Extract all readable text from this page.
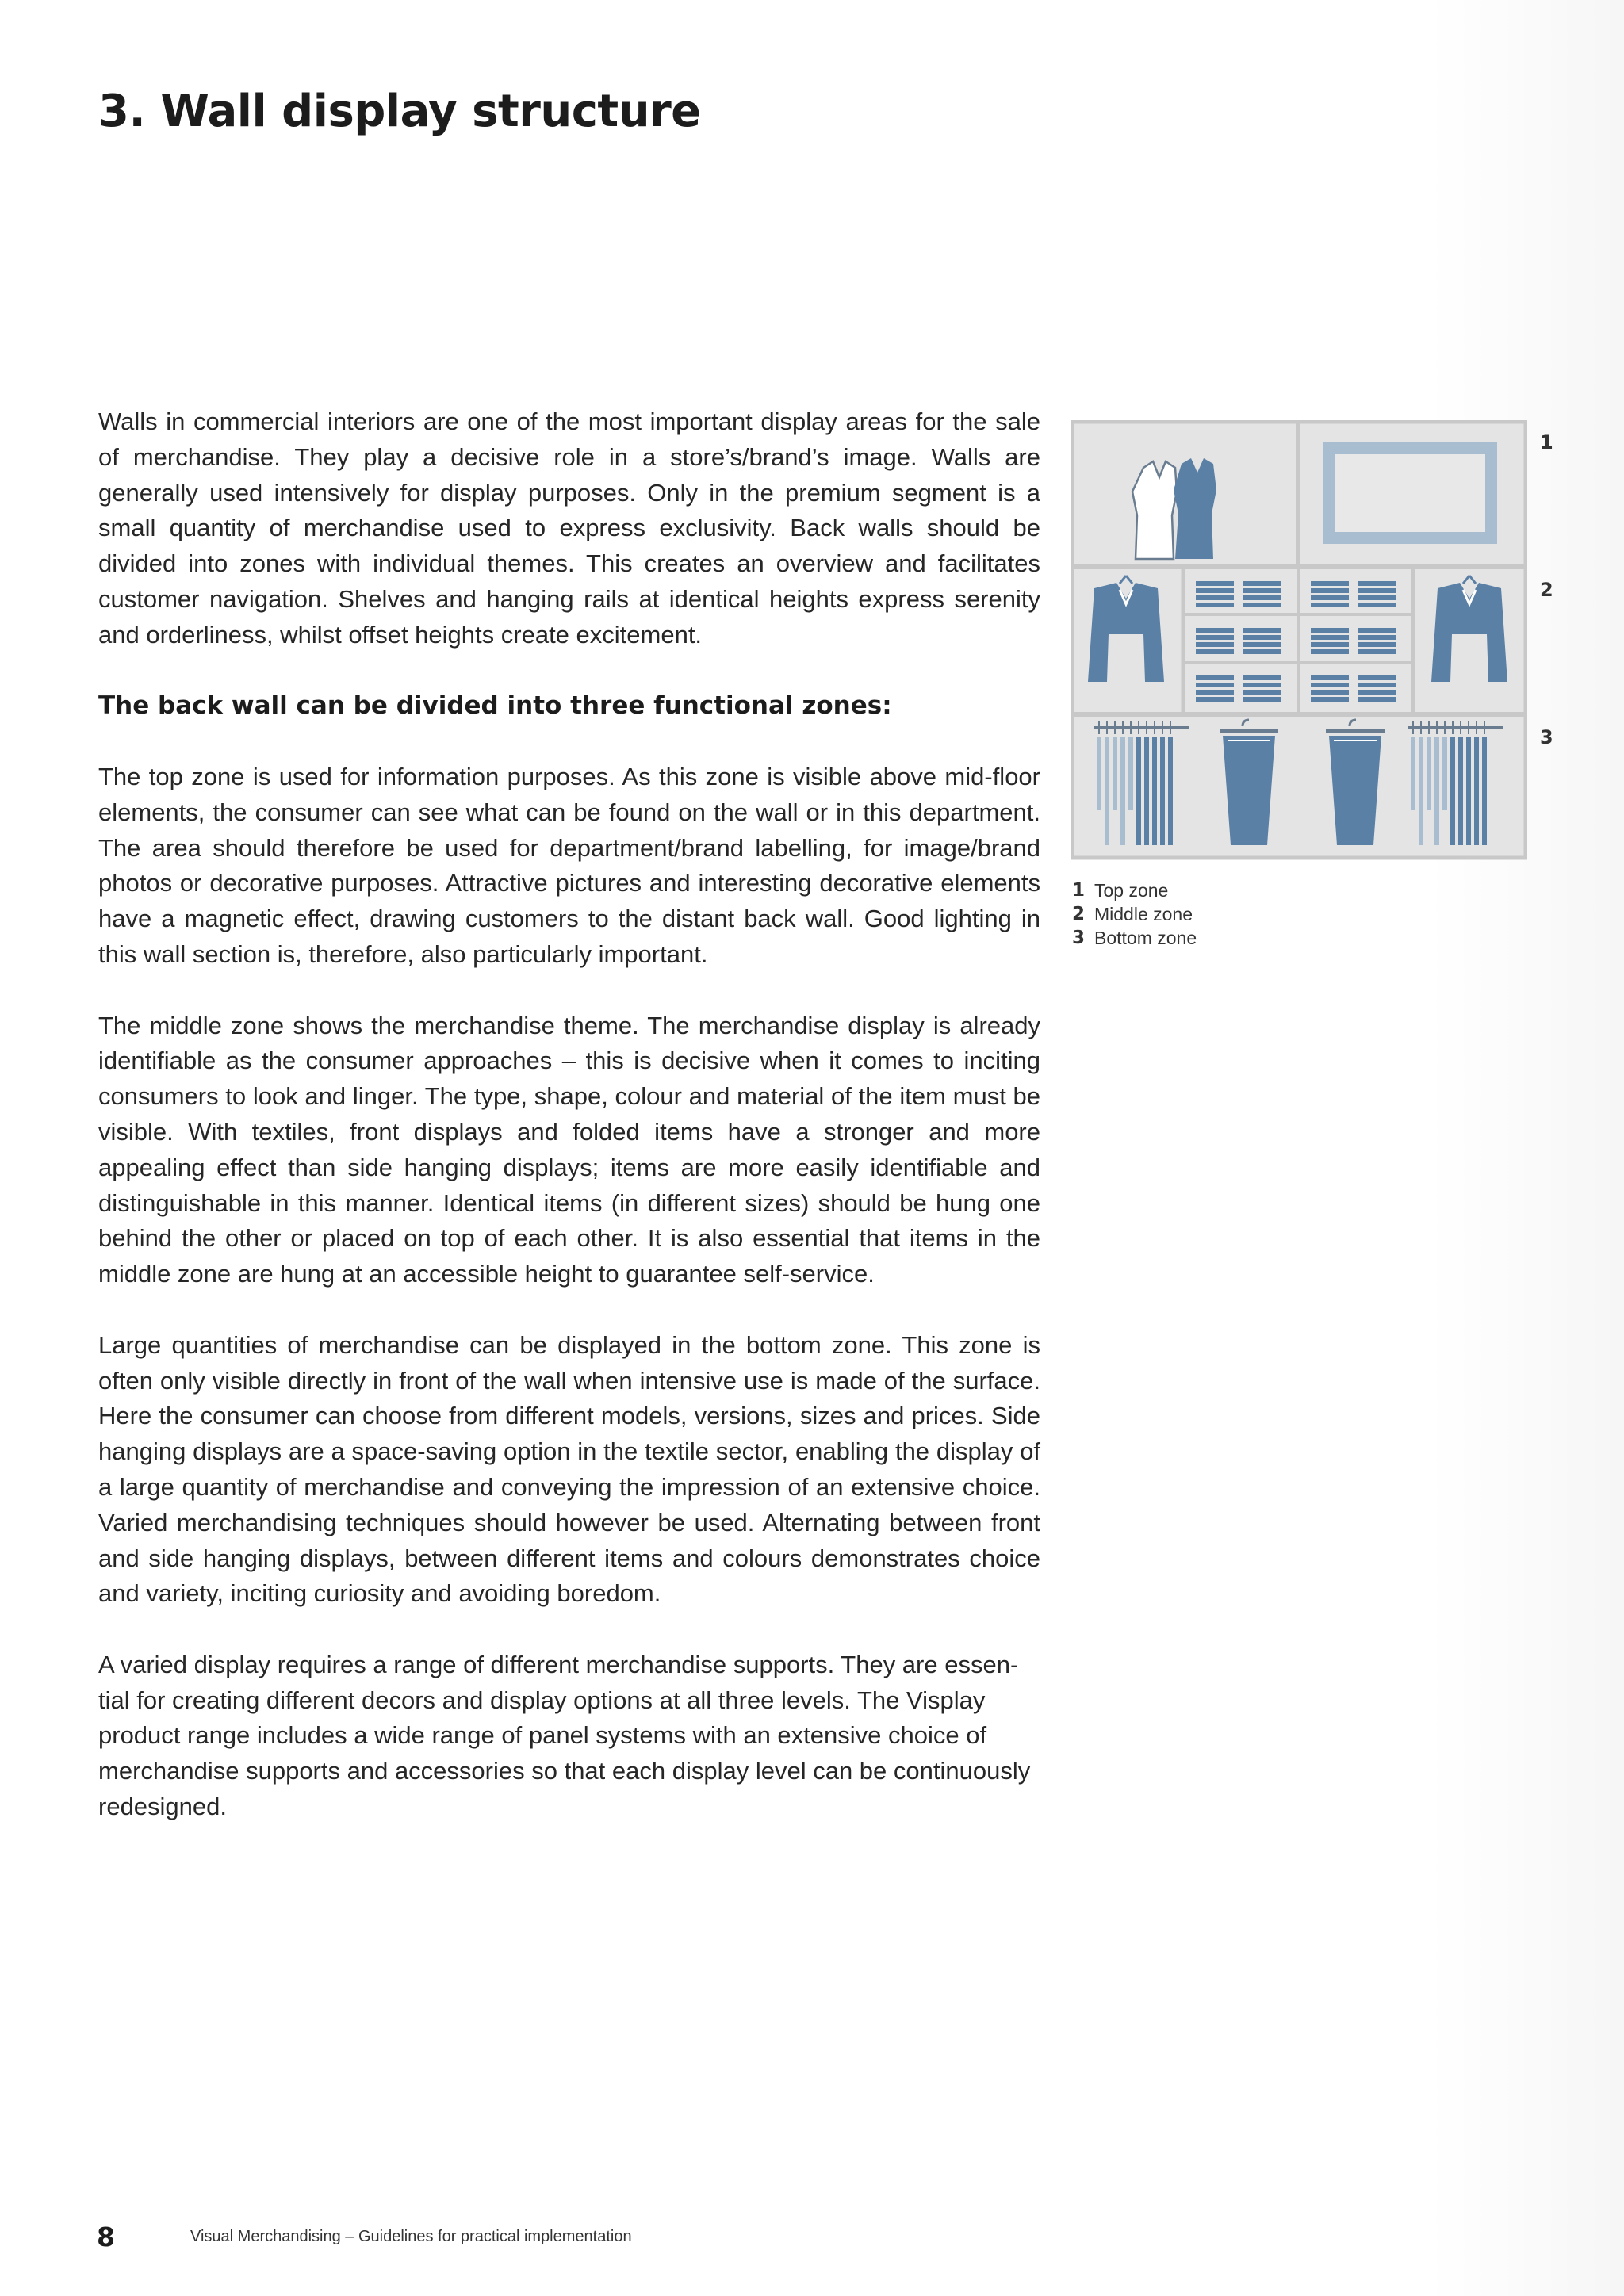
3. Wall display structure

Walls in commercial interiors are one of the most important display areas for the sale of merchandise. They play a decisive role in a store’s/brand’s image. Walls are generally used intensively for display purposes. Only in the premium segment is a small quantity of merchandise used to express exclusivity. Back walls should be divided into zones with individual themes. This creates an overview and facilitates customer navigation. Shelves and hanging rails at identical heights express serenity and orderliness, whilst offset heights create excitement.

The back wall can be divided into three functional zones:

The top zone is used for information purposes. As this zone is visible above mid-floor elements, the consumer can see what can be found on the wall or in this department. The area should therefore be used for department/brand labelling, for image/brand photos or decorative purposes. Attractive pictures and interesting decorative elements have a magnetic effect, drawing customers to the distant back wall. Good lighting in this wall section is, therefore, also particularly important.

The middle zone shows the merchandise theme. The merchandise display is already identifiable as the consumer approaches – this is decisive when it comes to inciting consumers to look and linger. The type, shape, colour and material of the item must be visible. With textiles, front displays and folded items have a stronger and more appealing effect than side hanging displays; items are more easily identifiable and distinguishable in this manner. Identical items (in different sizes) should be hung one behind the other or placed on top of each other. It is also essential that items in the middle zone are hung at an accessible height to guarantee self-service.

Large quantities of merchandise can be displayed in the bottom zone. This zone is often only visible directly in front of the wall when intensive use is made of the surface. Here the consumer can choose from different models, versions, sizes and prices. Side hanging displays are a space-saving option in the textile sector, enabling the display of a large quantity of merchandise and conveying the impression of an extensive choice. Varied merchandising techniques should however be used. Alternating between front and side hanging displays, between different items and colours demonstrates choice and variety, inciting curiosity and avoiding boredom.

A varied display requires a range of different merchandise supports. They are essential for creating different decors and display options at all three levels. The Visplay product range includes a wide range of panel systems with an extensive choice of merchandise supports and accessories so that each display level can be continuously redesigned.

1
2
3
1 Top zone
2 Middle zone
3 Bottom zone
8	Visual Merchandising – Guidelines for practical implementation
